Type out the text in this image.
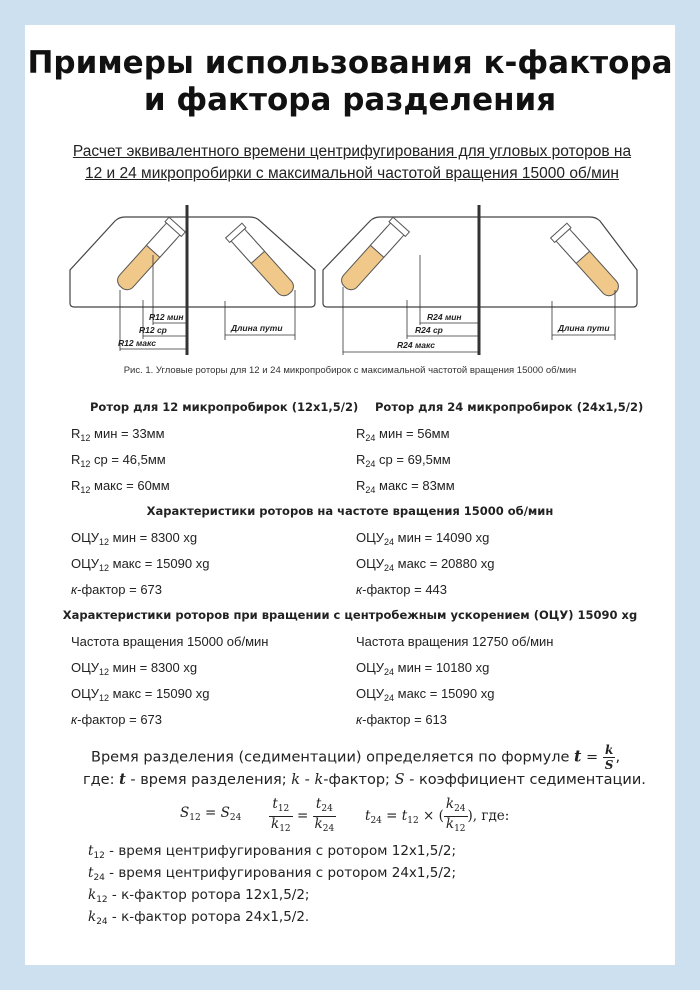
Примеры использования к-фактора
и фактора разделения
Расчет эквивалентного времени центрифугирования для угловых роторов на
12 и 24 микропробирки с максимальной частотой вращения 15000 об/мин
R12 мин
R12 ср
R12 макс
Длина пути
R24 мин
R24 ср
R24 макс
Длина пути
Рис. 1. Угловые роторы для 12 и 24 микропробирок с максимальной частотой вращения 15000 об/мин
Ротор для 12 микропробирок (12х1,5/2) Ротор для 24 микропробирок (24х1,5/2)
$R_{12}$ мин = 33мм
$R_{12}$ ср = 46,5мм
$R_{12}$ макс = 60мм
$R_{24}$ мин = 56мм
$R_{24}$ ср = 69,5мм
$R_{24}$ макс = 83мм
Характеристики роторов на частоте вращения 15000 об/мин
$ОЦУ_{12}$ мин = 8300 xg
$ОЦУ_{12}$ макс = 15090 xg
к-фактор = 673
$ОЦУ_{24}$ мин = 14090 xg
$ОЦУ_{24}$ макс = 20880 xg
к-фактор = 443
Характеристики роторов при вращении с центробежным ускорением (ОЦУ) 15090 xg
Частота вращения 15000 об/мин
$ОЦУ_{12}$ мин = 8300 xg
$ОЦУ_{12}$ макс = 15090 xg
к-фактор = 673
Частота вращения 12750 об/мин
$ОЦУ_{24}$ мин = 10180 xg
$ОЦУ_{24}$ макс = 15090 xg
к-фактор = 613
Время разделения (седиментации) определяется по формуле $t = \frac{k}{S}$ ,
где: t - время разделения; k - k-фактор; S - коэффициент седиментации.
$S_{12} = S_{24} \frac{t_{12}}{k_{12}} = \frac{t_{24}}{k_{24}} t_{24} = t_{12}$ × ( $\frac{k_{24}}{k_{12}}$ ), где:
$t_{12}$ - время центрифугирования с ротором 12х1,5/2;
$t_{24}$ - время центрифугирования с ротором 24х1,5/2;
$k_{12}$ - к-фактор ротора 12х1,5/2;
$k_{24}$ - к-фактор ротора 24х1,5/2.
